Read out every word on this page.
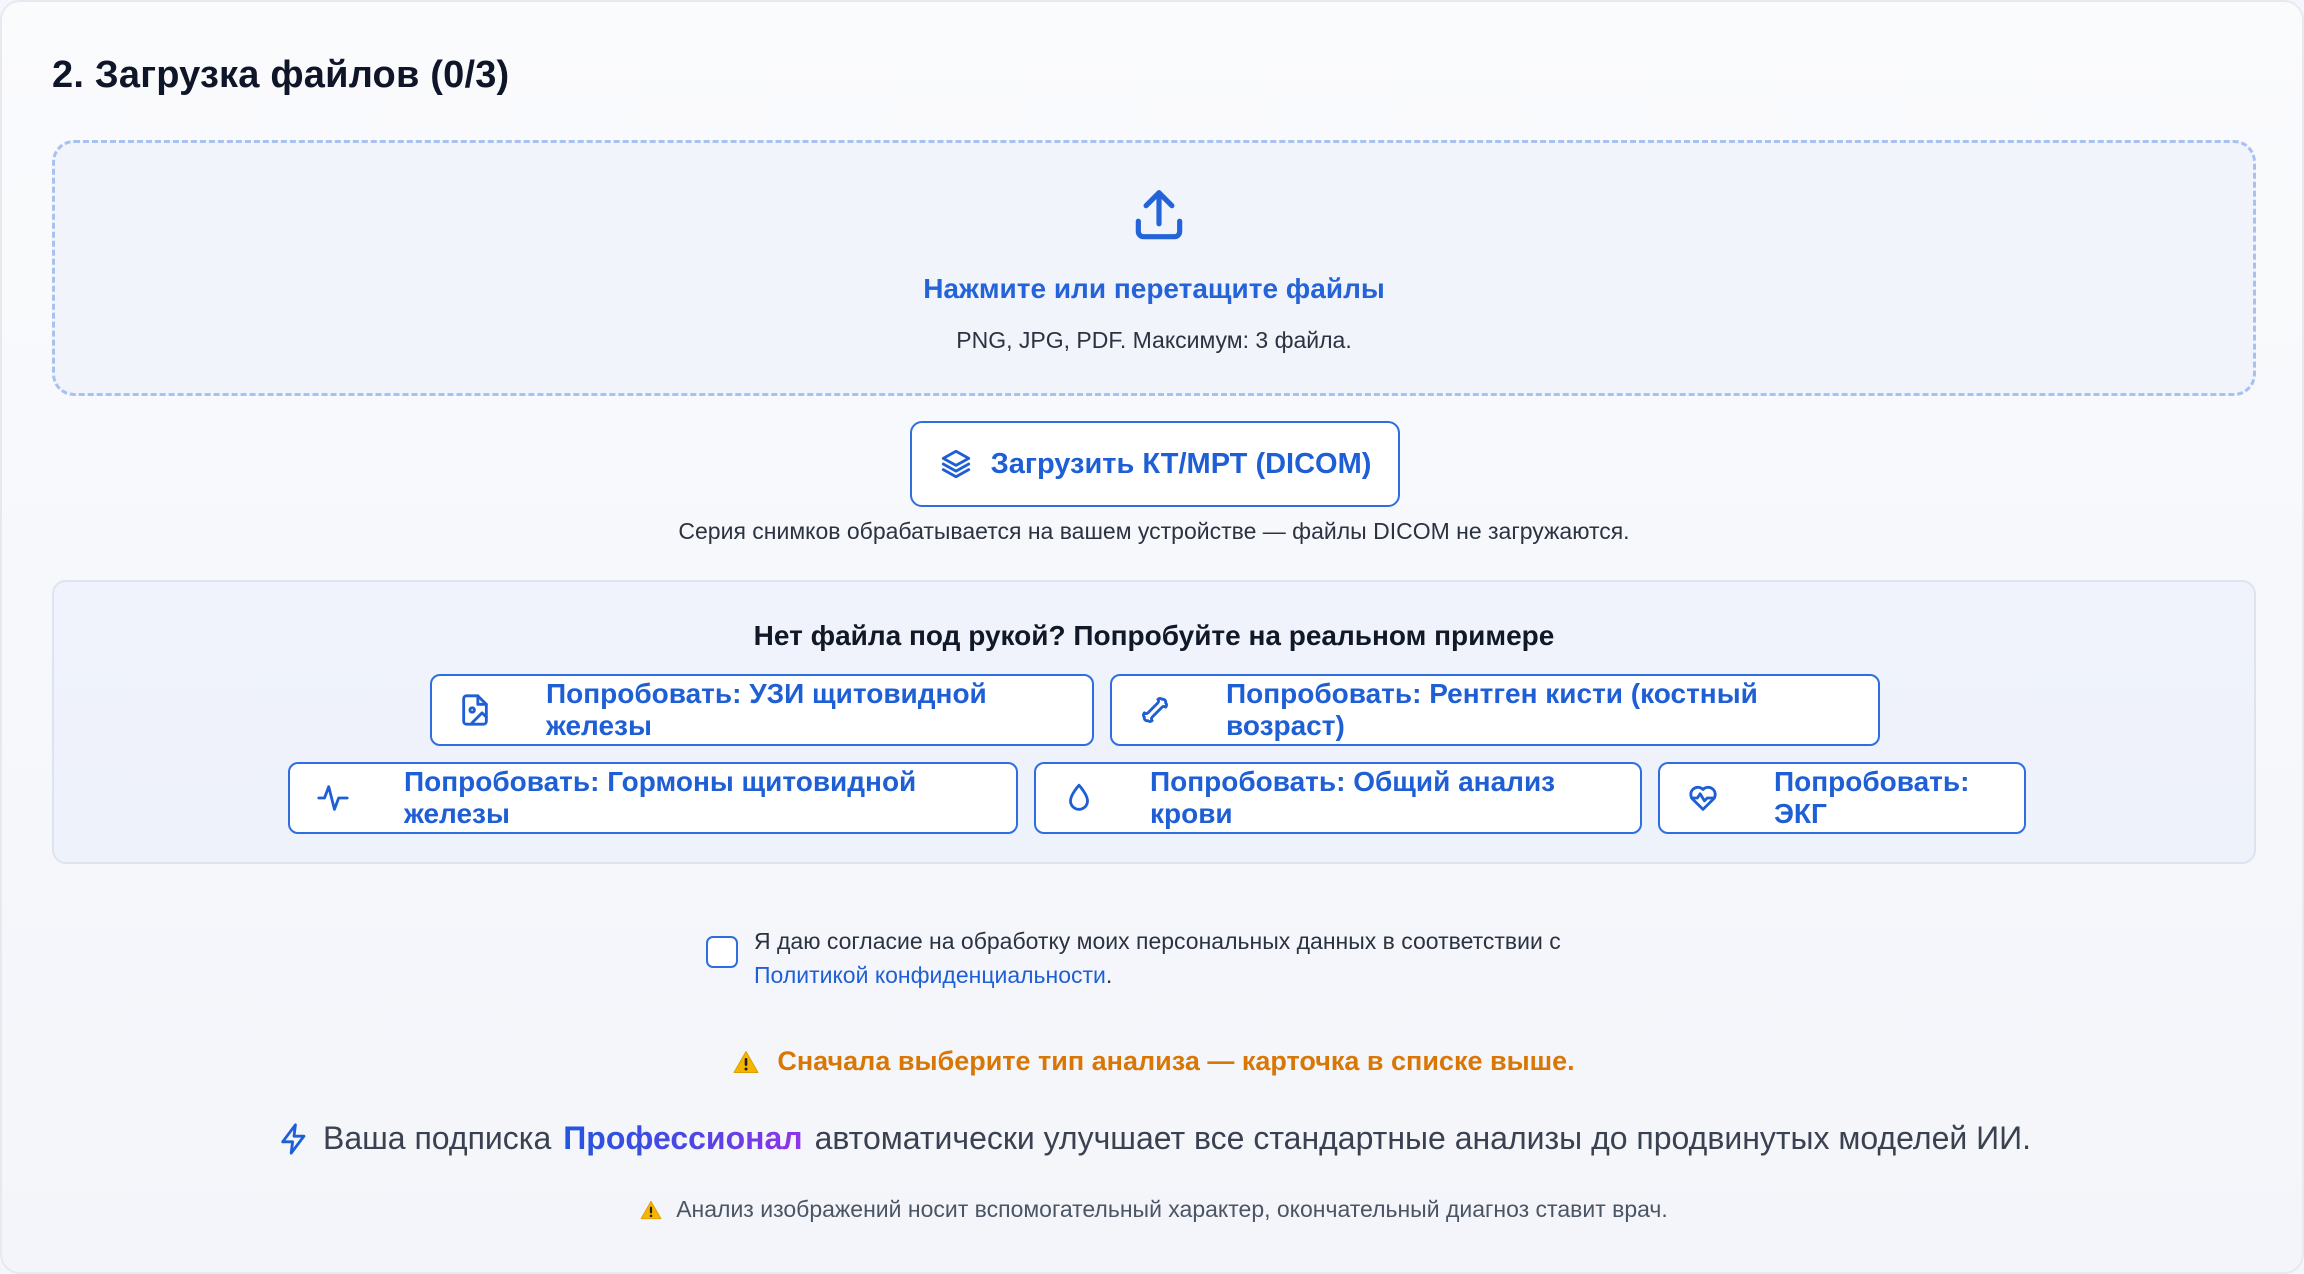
2. Загрузка файлов (0/3)
Нажмите или перетащите файлы
PNG, JPG, PDF. Максимум: 3 файла.
Загрузить КТ/МРТ (DICOM)
Серия снимков обрабатывается на вашем устройстве — файлы DICOM не загружаются.
Нет файла под рукой? Попробуйте на реальном примере
Попробовать: УЗИ щитовидной железы
Попробовать: Рентген кисти (костный возраст)
Попробовать: Гормоны щитовидной железы
Попробовать: Общий анализ крови
Попробовать: ЭКГ
Я даю согласие на обработку моих персональных данных в соответствии с Политикой конфиденциальности.
Сначала выберите тип анализа — карточка в списке выше.
Ваша подписка Профессионал автоматически улучшает все стандартные анализы до продвинутых моделей ИИ.
Анализ изображений носит вспомогательный характер, окончательный диагноз ставит врач.
